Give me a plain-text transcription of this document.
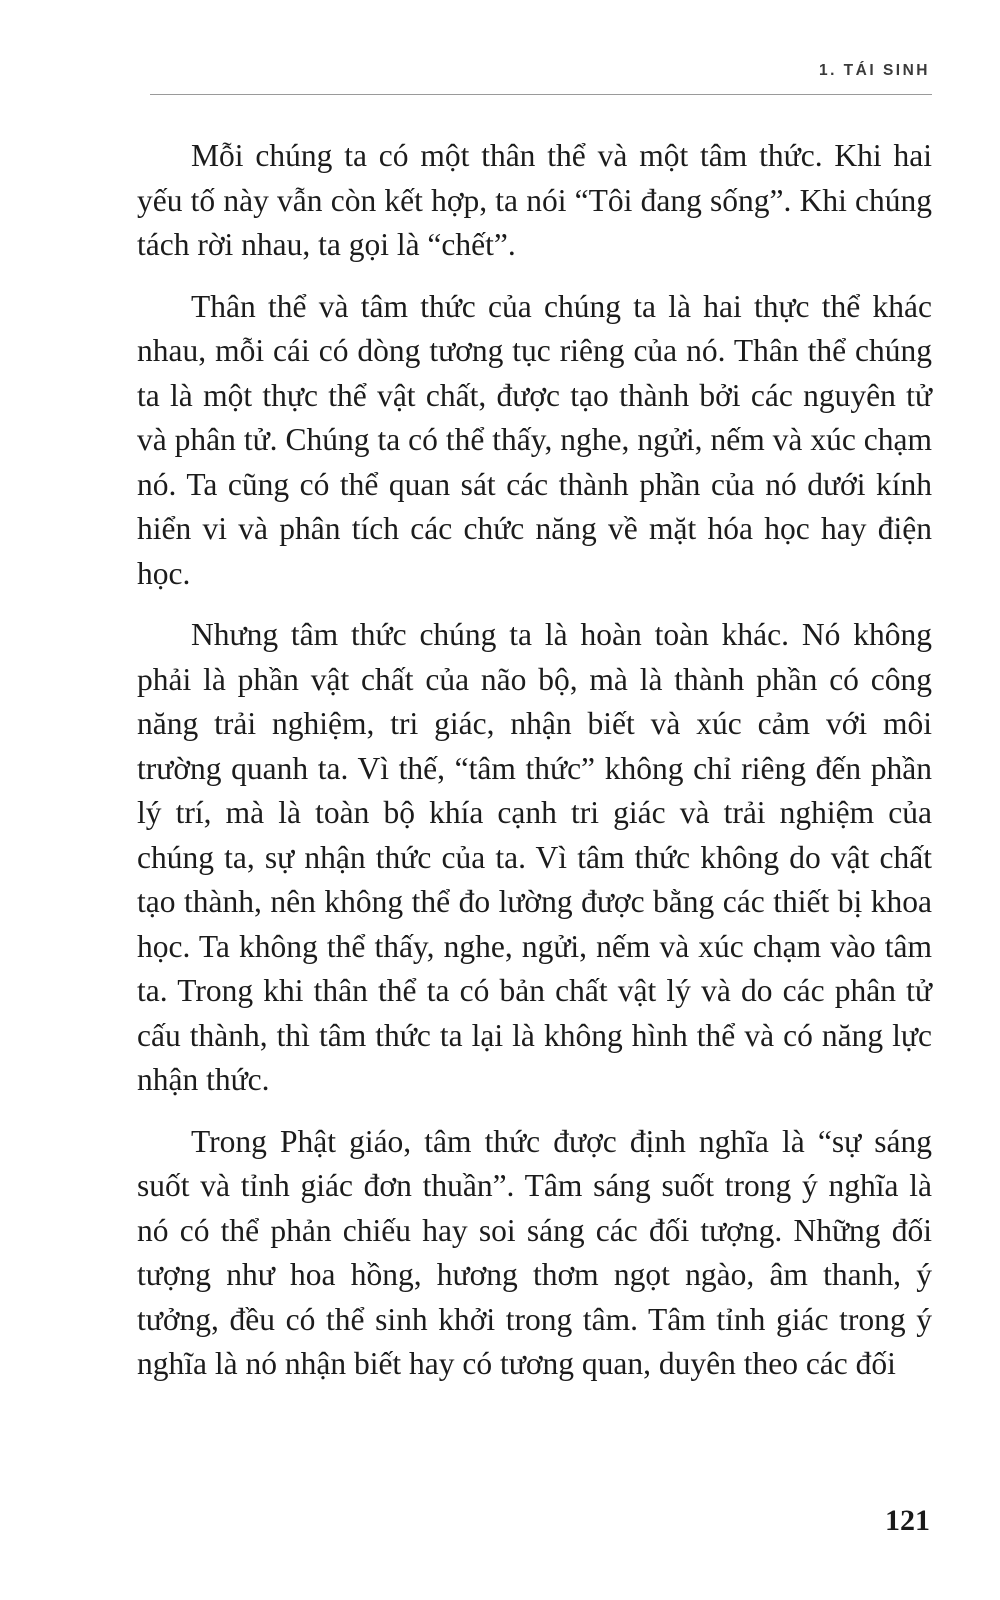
1. TÁI SINH

Mỗi chúng ta có một thân thể và một tâm thức. Khi hai yếu tố này vẫn còn kết hợp, ta nói “Tôi đang sống”. Khi chúng tách rời nhau, ta gọi là “chết”.

Thân thể và tâm thức của chúng ta là hai thực thể khác nhau, mỗi cái có dòng tương tục riêng của nó. Thân thể chúng ta là một thực thể vật chất, được tạo thành bởi các nguyên tử và phân tử. Chúng ta có thể thấy, nghe, ngửi, nếm và xúc chạm nó. Ta cũng có thể quan sát các thành phần của nó dưới kính hiển vi và phân tích các chức năng về mặt hóa học hay điện học.

Nhưng tâm thức chúng ta là hoàn toàn khác. Nó không phải là phần vật chất của não bộ, mà là thành phần có công năng trải nghiệm, tri giác, nhận biết và xúc cảm với môi trường quanh ta. Vì thế, “tâm thức” không chỉ riêng đến phần lý trí, mà là toàn bộ khía cạnh tri giác và trải nghiệm của chúng ta, sự nhận thức của ta. Vì tâm thức không do vật chất tạo thành, nên không thể đo lường được bằng các thiết bị khoa học. Ta không thể thấy, nghe, ngửi, nếm và xúc chạm vào tâm ta. Trong khi thân thể ta có bản chất vật lý và do các phân tử cấu thành, thì tâm thức ta lại là không hình thể và có năng lực nhận thức.

Trong Phật giáo, tâm thức được định nghĩa là “sự sáng suốt và tỉnh giác đơn thuần”. Tâm sáng suốt trong ý nghĩa là nó có thể phản chiếu hay soi sáng các đối tượng. Những đối tượng như hoa hồng, hương thơm ngọt ngào, âm thanh, ý tưởng, đều có thể sinh khởi trong tâm. Tâm tỉnh giác trong ý nghĩa là nó nhận biết hay có tương quan, duyên theo các đối

121
